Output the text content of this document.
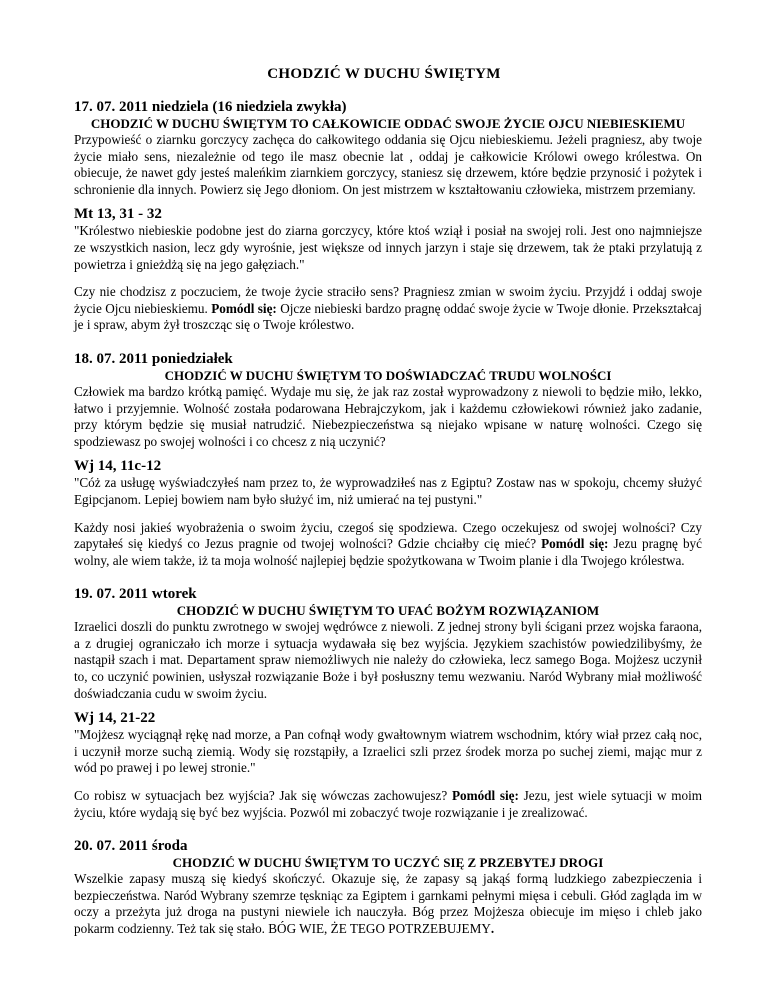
CHODZIĆ W DUCHU ŚWIĘTYM
17. 07. 2011 niedziela (16 niedziela zwykła)
CHODZIĆ W DUCHU ŚWIĘTYM TO CAŁKOWICIE ODDAĆ SWOJE ŻYCIE OJCU NIEBIESKIEMU

Przypowieść o ziarnku gorczycy zachęca do całkowitego oddania się Ojcu niebieskiemu. Jeżeli pragniesz, aby twoje życie miało sens, niezależnie od tego ile masz obecnie lat , oddaj je całkowicie Królowi owego królestwa. On obiecuje, że nawet gdy jesteś maleńkim ziarnkiem gorczycy, staniesz się drzewem, które będzie przynosić i pożytek i schronienie dla innych. Powierz się Jego dłoniom. On jest mistrzem w kształtowaniu człowieka, mistrzem przemiany.

Mt 13, 31 - 32

"Królestwo niebieskie podobne jest do ziarna gorczycy, które ktoś wziął i posiał na swojej roli. Jest ono najmniejsze ze wszystkich nasion, lecz gdy wyrośnie, jest większe od innych jarzyn i staje się drzewem, tak że ptaki przylatują z powietrza i gnieżdżą się na jego gałęziach."

Czy nie chodzisz z poczuciem, że twoje życie straciło sens? Pragniesz zmian w swoim życiu. Przyjdź i oddaj swoje życie Ojcu niebieskiemu. Pomódl się: Ojcze niebieski bardzo pragnę oddać swoje życie w Twoje dłonie. Przekształcaj je i spraw, abym żył troszcząc się o Twoje królestwo.

18. 07. 2011 poniedziałek
CHODZIĆ W DUCHU ŚWIĘTYM TO DOŚWIADCZAĆ TRUDU WOLNOŚCI

Człowiek ma bardzo krótką pamięć. Wydaje mu się, że jak raz został wyprowadzony z niewoli to będzie miło, lekko, łatwo i przyjemnie. Wolność została podarowana Hebrajczykom, jak i każdemu człowiekowi również jako zadanie, przy którym będzie się musiał natrudzić. Niebezpieczeństwa są niejako wpisane w naturę wolności. Czego się spodziewasz po swojej wolności i co chcesz z nią uczynić?

Wj 14, 11c-12

"Cóż za usługę wyświadczyłeś nam przez to, że wyprowadziłeś nas z Egiptu? Zostaw nas w spokoju, chcemy służyć Egipcjanom. Lepiej bowiem nam było służyć im, niż umierać na tej pustyni."

Każdy nosi jakieś wyobrażenia o swoim życiu, czegoś się spodziewa. Czego oczekujesz od swojej wolności? Czy zapytałeś się kiedyś co Jezus pragnie od twojej wolności? Gdzie chciałby cię mieć? Pomódl się: Jezu pragnę być wolny, ale wiem także, iż ta moja wolność najlepiej będzie spożytkowana w Twoim planie i dla Twojego królestwa.

19. 07. 2011 wtorek
CHODZIĆ W DUCHU ŚWIĘTYM TO UFAĆ BOŻYM ROZWIĄZANIOM

Izraelici doszli do punktu zwrotnego w swojej wędrówce z niewoli. Z jednej strony byli ścigani przez wojska faraona, a z drugiej ograniczało ich morze i sytuacja wydawała się bez wyjścia. Językiem szachistów powiedzilibyśmy, że nastąpił szach i mat. Departament spraw niemożliwych nie należy do człowieka, lecz samego Boga. Mojżesz uczynił to, co uczynić powinien, usłyszał rozwiązanie Boże i był posłuszny temu wezwaniu. Naród Wybrany miał możliwość doświadczania cudu w swoim życiu.

Wj 14, 21-22

"Mojżesz wyciągnął rękę nad morze, a Pan cofnął wody gwałtownym wiatrem wschodnim, który wiał przez całą noc, i uczynił morze suchą ziemią. Wody się rozstąpiły, a Izraelici szli przez środek morza po suchej ziemi, mając mur z wód po prawej i po lewej stronie."

Co robisz w sytuacjach bez wyjścia? Jak się wówczas zachowujesz? Pomódl się: Jezu, jest wiele sytuacji w moim życiu, które wydają się być bez wyjścia. Pozwól mi zobaczyć twoje rozwiązanie i je zrealizować.

20. 07. 2011 środa
CHODZIĆ W DUCHU ŚWIĘTYM TO UCZYĆ SIĘ Z PRZEBYTEJ DROGI

Wszelkie zapasy muszą się kiedyś skończyć. Okazuje się, że zapasy są jakąś formą ludzkiego zabezpieczenia i bezpieczeństwa. Naród Wybrany szemrze tęskniąc za Egiptem i garnkami pełnymi mięsa i cebuli. Głód zagląda im w oczy a przeżyta już droga na pustyni niewiele ich nauczyła. Bóg przez Mojżesza obiecuje im mięso i chleb jako pokarm codzienny. Też tak się stało. BÓG WIE, ŻE TEGO POTRZEBUJEMY.
